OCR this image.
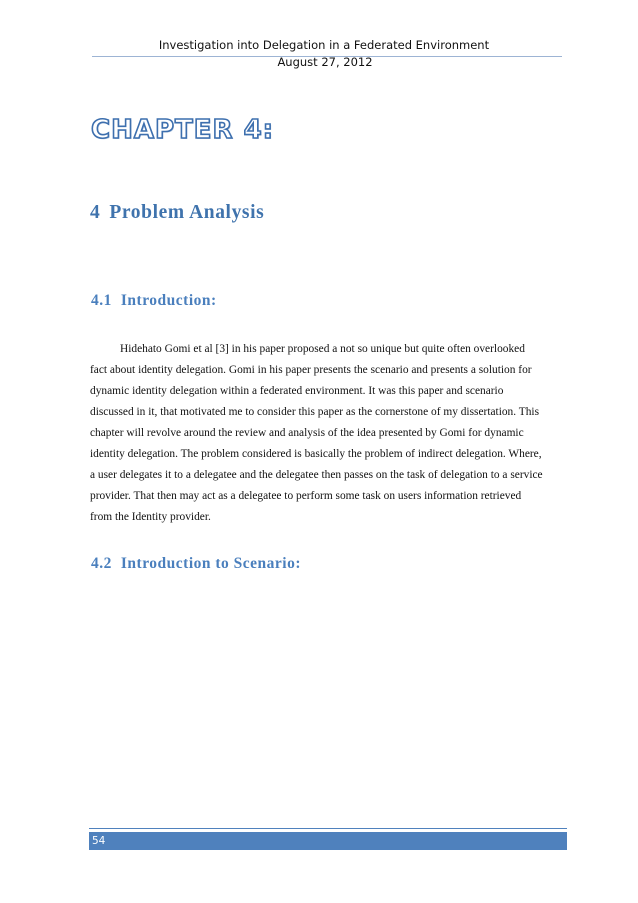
Investigation into Delegation in a Federated Environment
August 27, 2012
CHAPTER 4:
4 Problem Analysis
4.1 Introduction:

Hidehato Gomi et al [3] in his paper proposed a not so unique but quite often overlooked
fact about identity delegation. Gomi in his paper presents the scenario and presents a solution for
dynamic identity delegation within a federated environment. It was this paper and scenario
discussed in it, that motivated me to consider this paper as the cornerstone of my dissertation. This
chapter will revolve around the review and analysis of the idea presented by Gomi for dynamic
identity delegation. The problem considered is basically the problem of indirect delegation. Where,
a user delegates it to a delegatee and the delegatee then passes on the task of delegation to a service
provider. That then may act as a delegatee to perform some task on users information retrieved
from the Identity provider.

4.2 Introduction to Scenario:
54
